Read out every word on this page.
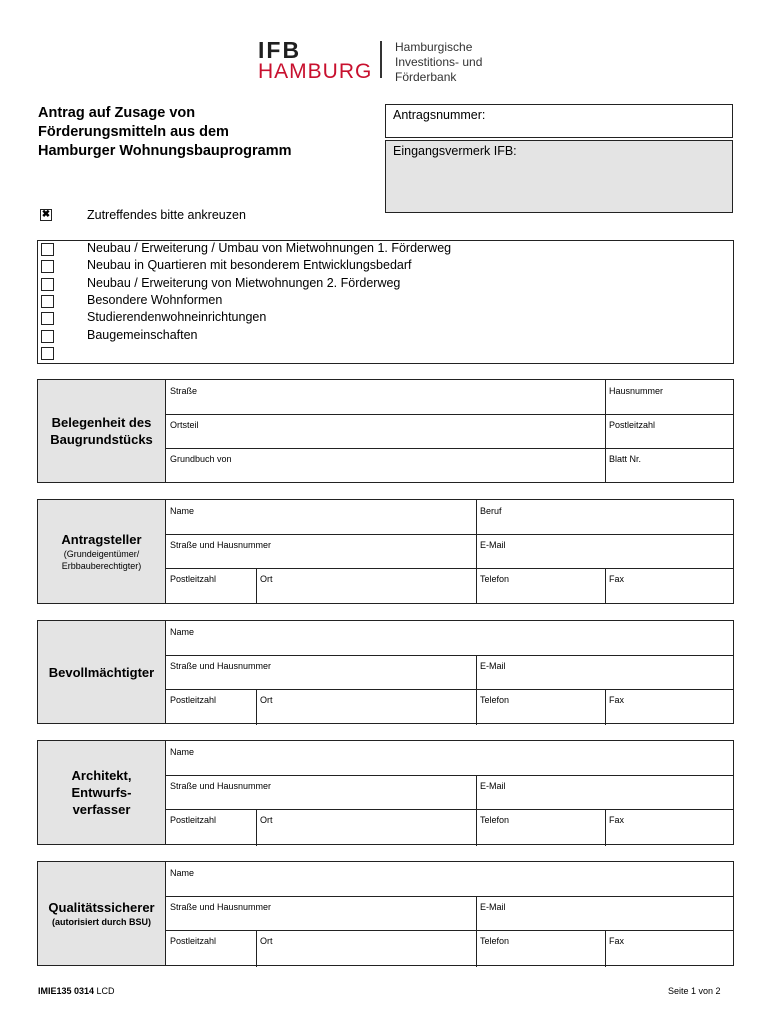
IFB
HAMBURG
Hamburgische
Investitions- und
Förderbank
Antrag auf Zusage von
Förderungsmitteln aus dem
Hamburger Wohnungsbauprogramm
Antragsnummer:
Eingangsvermerk IFB:
✖	Zutreffendes bitte ankreuzen
Neubau / Erweiterung / Umbau von Mietwohnungen 1. Förderweg
Neubau in Quartieren mit besonderem Entwicklungsbedarf
Neubau / Erweiterung von Mietwohnungen 2. Förderweg
Besondere Wohnformen
Studierendenwohneinrichtungen
Baugemeinschaften
Belegenheit des
Baugrundstücks
Straße	Hausnummer
Ortsteil	Postleitzahl
Grundbuch von	Blatt Nr.
Antragsteller
(Grundeigentümer/
Erbbauberechtigter)
Name	Beruf
Straße und Hausnummer	E-Mail
Postleitzahl	Ort	Telefon	Fax
Bevollmächtigter
Name
Straße und Hausnummer	E-Mail
Postleitzahl	Ort	Telefon	Fax
Architekt,
Entwurfs-
verfasser
Name
Straße und Hausnummer	E-Mail
Postleitzahl	Ort	Telefon	Fax
Qualitätssicherer
(autorisiert durch BSU)
Name
Straße und Hausnummer	E-Mail
Postleitzahl	Ort	Telefon	Fax
IMIE135 0314 LCD	Seite 1 von 2
